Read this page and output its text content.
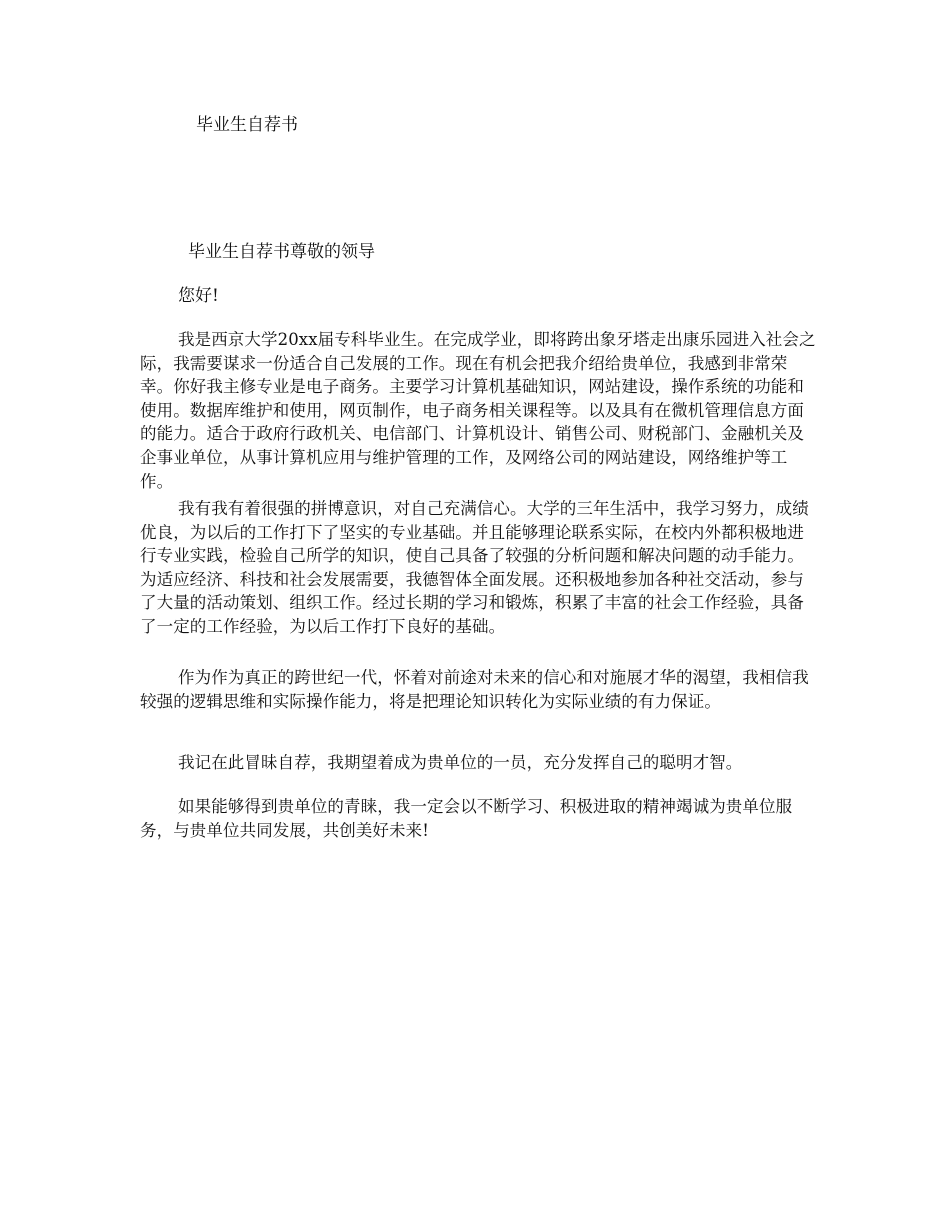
毕业生自荐书
毕业生自荐书尊敬的领导
您好!

我是西京大学20xx届专科毕业生。在完成学业，即将跨出象牙塔走出康乐园进入社会之际，我需要谋求一份适合自己发展的工作。现在有机会把我介绍给贵单位，我感到非常荣幸。你好我主修专业是电子商务。主要学习计算机基础知识，网站建设，操作系统的功能和使用。数据库维护和使用，网页制作，电子商务相关课程等。以及具有在微机管理信息方面的能力。适合于政府行政机关、电信部门、计算机设计、销售公司、财税部门、金融机关及企事业单位，从事计算机应用与维护管理的工作，及网络公司的网站建设，网络维护等工作。

我有我有着很强的拼博意识，对自己充满信心。大学的三年生活中，我学习努力，成绩优良，为以后的工作打下了坚实的专业基础。并且能够理论联系实际，在校内外都积极地进行专业实践，检验自己所学的知识，使自己具备了较强的分析问题和解决问题的动手能力。为适应经济、科技和社会发展需要，我德智体全面发展。还积极地参加各种社交活动，参与了大量的活动策划、组织工作。经过长期的学习和锻炼，积累了丰富的社会工作经验，具备了一定的工作经验，为以后工作打下良好的基础。

作为作为真正的跨世纪一代，怀着对前途对未来的信心和对施展才华的渴望，我相信我较强的逻辑思维和实际操作能力，将是把理论知识转化为实际业绩的有力保证。

我记在此冒昧自荐，我期望着成为贵单位的一员，充分发挥自己的聪明才智。

如果能够得到贵单位的青睐，我一定会以不断学习、积极进取的精神竭诚为贵单位服务，与贵单位共同发展，共创美好未来!
